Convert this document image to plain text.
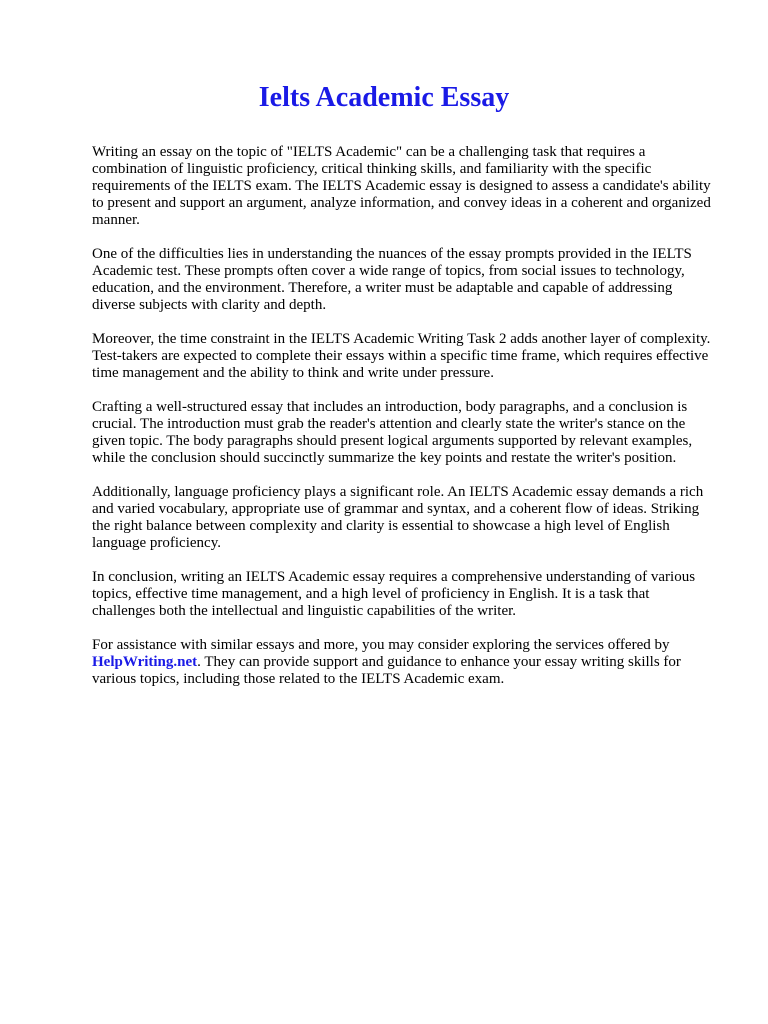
Ielts Academic Essay

Writing an essay on the topic of "IELTS Academic" can be a challenging task that requires a combination of linguistic proficiency, critical thinking skills, and familiarity with the specific requirements of the IELTS exam. The IELTS Academic essay is designed to assess a candidate's ability to present and support an argument, analyze information, and convey ideas in a coherent and organized manner.

One of the difficulties lies in understanding the nuances of the essay prompts provided in the IELTS Academic test. These prompts often cover a wide range of topics, from social issues to technology, education, and the environment. Therefore, a writer must be adaptable and capable of addressing diverse subjects with clarity and depth.

Moreover, the time constraint in the IELTS Academic Writing Task 2 adds another layer of complexity. Test-takers are expected to complete their essays within a specific time frame, which requires effective time management and the ability to think and write under pressure.

Crafting a well-structured essay that includes an introduction, body paragraphs, and a conclusion is crucial. The introduction must grab the reader's attention and clearly state the writer's stance on the given topic. The body paragraphs should present logical arguments supported by relevant examples, while the conclusion should succinctly summarize the key points and restate the writer's position.

Additionally, language proficiency plays a significant role. An IELTS Academic essay demands a rich and varied vocabulary, appropriate use of grammar and syntax, and a coherent flow of ideas. Striking the right balance between complexity and clarity is essential to showcase a high level of English language proficiency.

In conclusion, writing an IELTS Academic essay requires a comprehensive understanding of various topics, effective time management, and a high level of proficiency in English. It is a task that challenges both the intellectual and linguistic capabilities of the writer.

For assistance with similar essays and more, you may consider exploring the services offered by HelpWriting.net. They can provide support and guidance to enhance your essay writing skills for various topics, including those related to the IELTS Academic exam.
